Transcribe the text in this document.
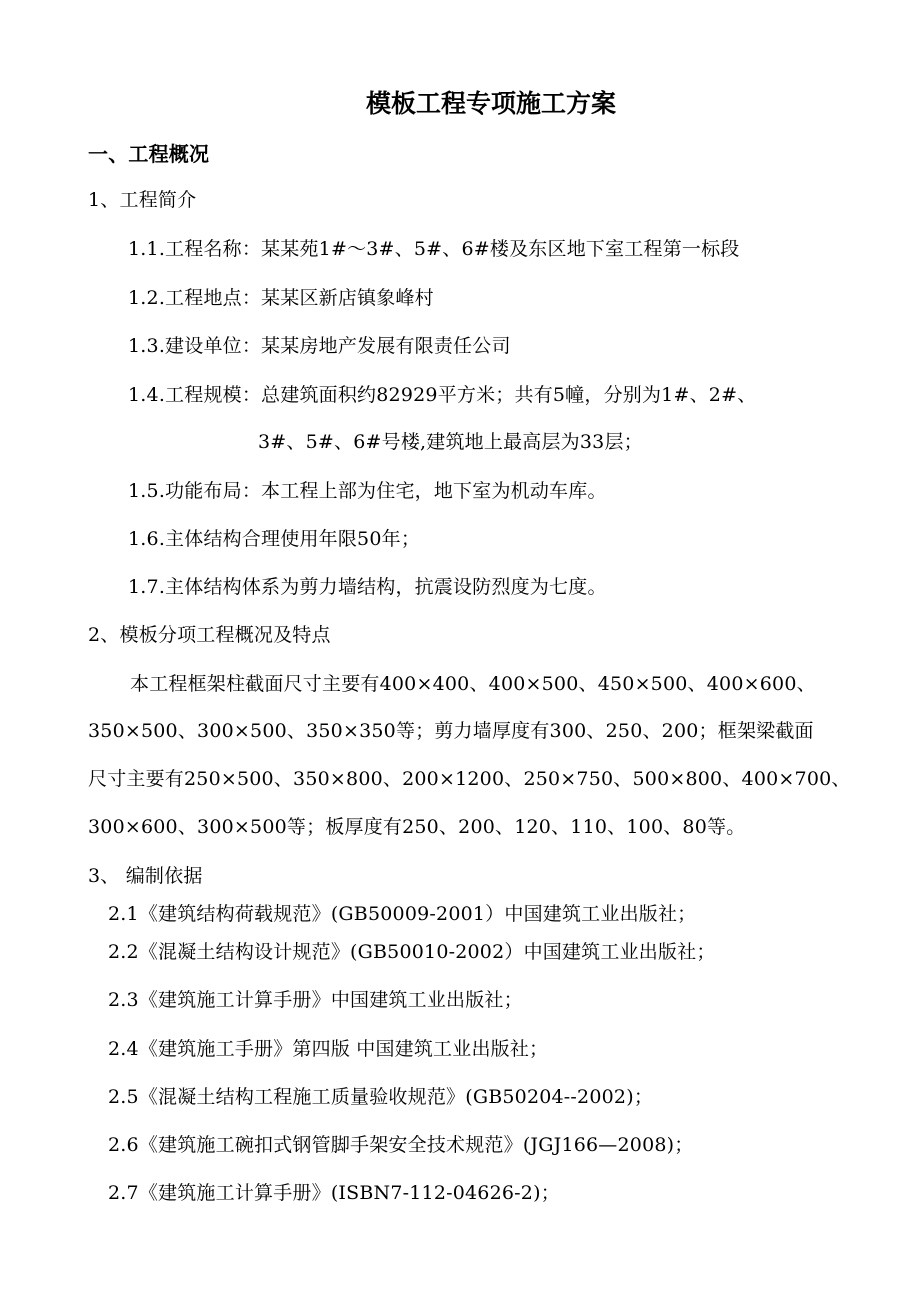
模板工程专项施工方案
一、工程概况
1、工程简介
1.1.工程名称：某某苑1#～3#、5#、6#楼及东区地下室工程第一标段
1.2.工程地点：某某区新店镇象峰村
1.3.建设单位：某某房地产发展有限责任公司
1.4.工程规模：总建筑面积约82929平方米；共有5幢，分别为1#、2#、
3#、5#、6#号楼,建筑地上最高层为33层；
1.5.功能布局：本工程上部为住宅，地下室为机动车库。
1.6.主体结构合理使用年限50年；
1.7.主体结构体系为剪力墙结构，抗震设防烈度为七度。
2、模板分项工程概况及特点
本工程框架柱截面尺寸主要有400×400、400×500、450×500、400×600、
350×500、300×500、350×350等；剪力墙厚度有300、250、200；框架梁截面
尺寸主要有250×500、350×800、200×1200、250×750、500×800、400×700、
300×600、300×500等；板厚度有250、200、120、110、100、80等。
3、 编制依据
2.1《建筑结构荷载规范》(GB50009-2001）中国建筑工业出版社；
2.2《混凝土结构设计规范》(GB50010-2002）中国建筑工业出版社；
2.3《建筑施工计算手册》中国建筑工业出版社；
2.4《建筑施工手册》第四版 中国建筑工业出版社；
2.5《混凝土结构工程施工质量验收规范》(GB50204--2002)；
2.6《建筑施工碗扣式钢管脚手架安全技术规范》(JGJ166—2008)；
2.7《建筑施工计算手册》(ISBN7-112-04626-2)；
